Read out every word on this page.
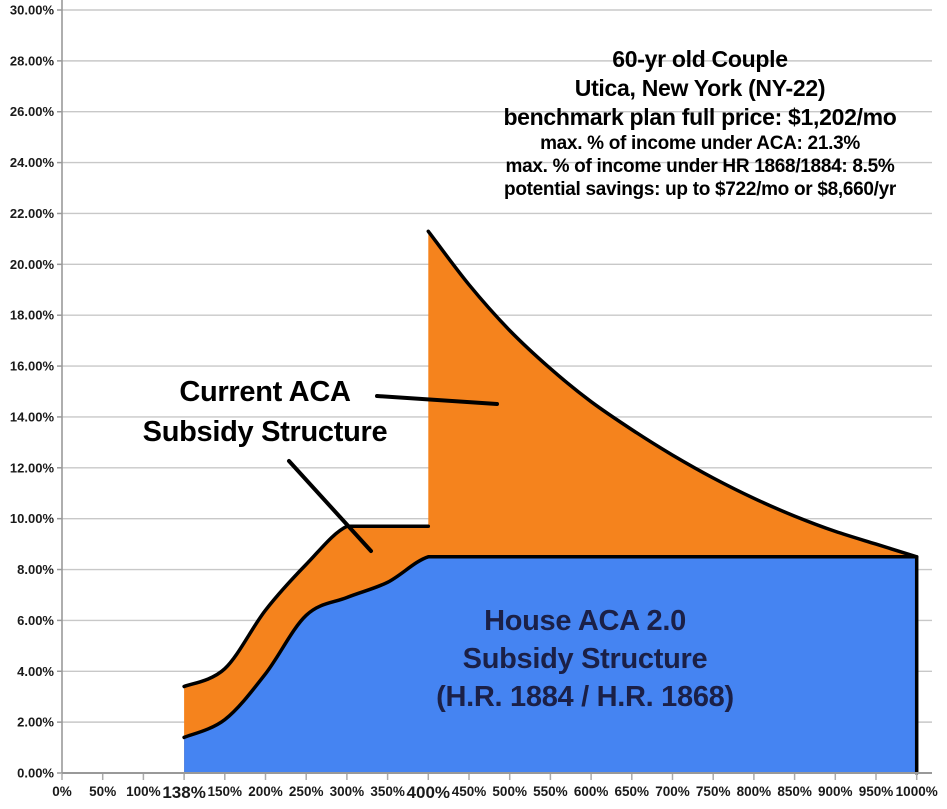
0.00%
2.00%
4.00%
6.00%
8.00%
10.00%
12.00%
14.00%
16.00%
18.00%
20.00%
22.00%
24.00%
26.00%
28.00%
30.00%
0% 50% 100% 138% 150% 200% 250% 300% 350% 400% 450% 500% 550% 600% 650% 700% 750% 800% 850% 900% 950% 1000%
60-yr old Couple
Utica, New York (NY-22)
benchmark plan full price: $1,202/mo
max. % of income under ACA: 21.3%
max. % of income under HR 1868/1884: 8.5%
potential savings: up to $722/mo or $8,660/yr
Current ACA
Subsidy Structure
House ACA 2.0
Subsidy Structure
(H.R. 1884 / H.R. 1868)
